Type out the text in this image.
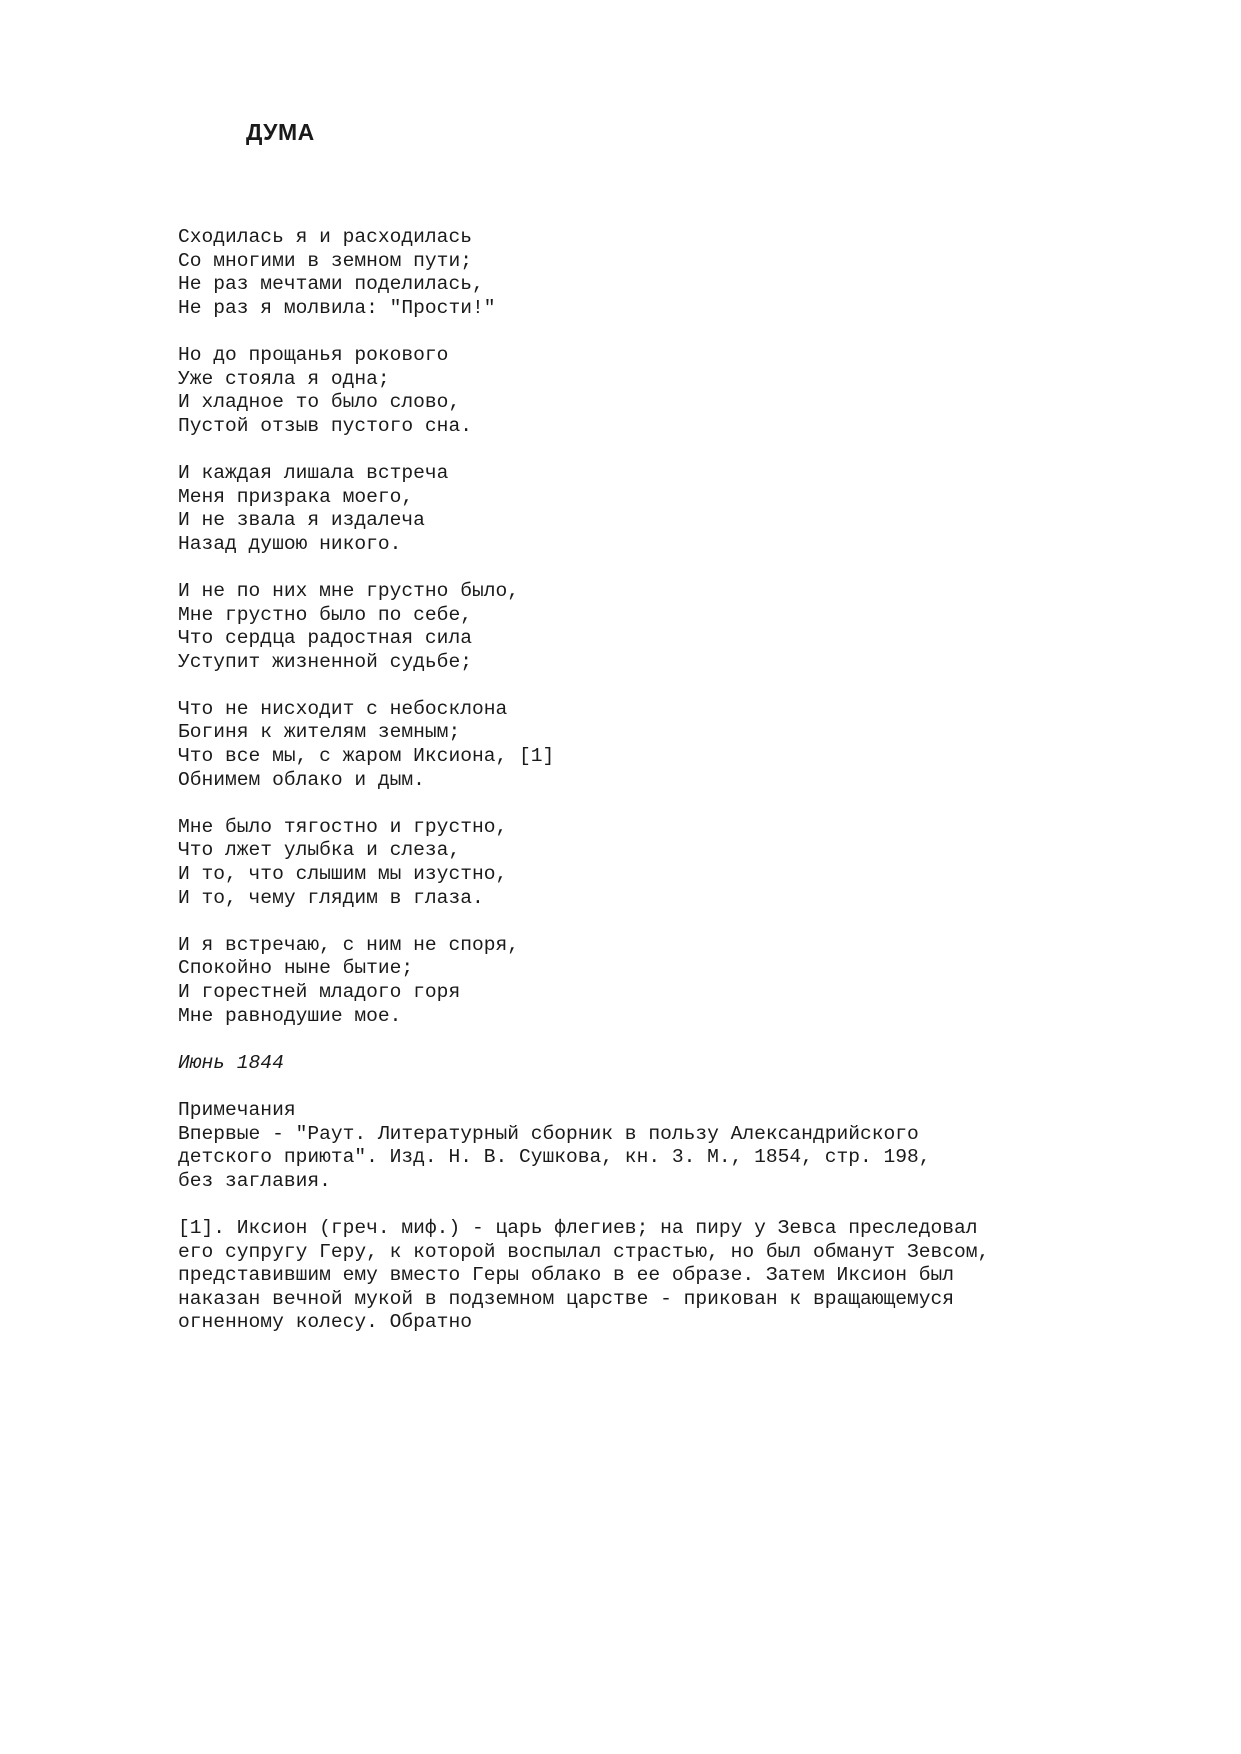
ДУМА
Сходилась я и расходилась
Со многими в земном пути;
Не раз мечтами поделилась,
Не раз я молвила: "Прости!"
Но до прощанья рокового
Уже стояла я одна;
И хладное то было слово,
Пустой отзыв пустого сна.
И каждая лишала встреча
Меня призрака моего,
И не звала я издалеча
Назад душою никого.
И не по них мне грустно было,
Мне грустно было по себе,
Что сердца радостная сила
Уступит жизненной судьбе;
Что не нисходит с небосклона
Богиня к жителям земным;
Что все мы, с жаром Иксиона, [1]
Обнимем облако и дым.
Мне было тягостно и грустно,
Что лжет улыбка и слеза,
И то, что слышим мы изустно,
И то, чему глядим в глаза.
И я встречаю, с ним не споря,
Спокойно ныне бытие;
И горестней младого горя
Мне равнодушие мое.
Июнь 1844
Примечания
Впервые - "Раут. Литературный сборник в пользу Александрийского
детского приюта". Изд. Н. В. Сушкова, кн. 3. М., 1854, стр. 198,
без заглавия.
[1]. Иксион (греч. миф.) - царь флегиев; на пиру у Зевса преследовал
его супругу Геру, к которой воспылал страстью, но был обманут Зевсом,
представившим ему вместо Геры облако в ее образе. Затем Иксион был
наказан вечной мукой в подземном царстве - прикован к вращающемуся
огненному колесу. Обратно
